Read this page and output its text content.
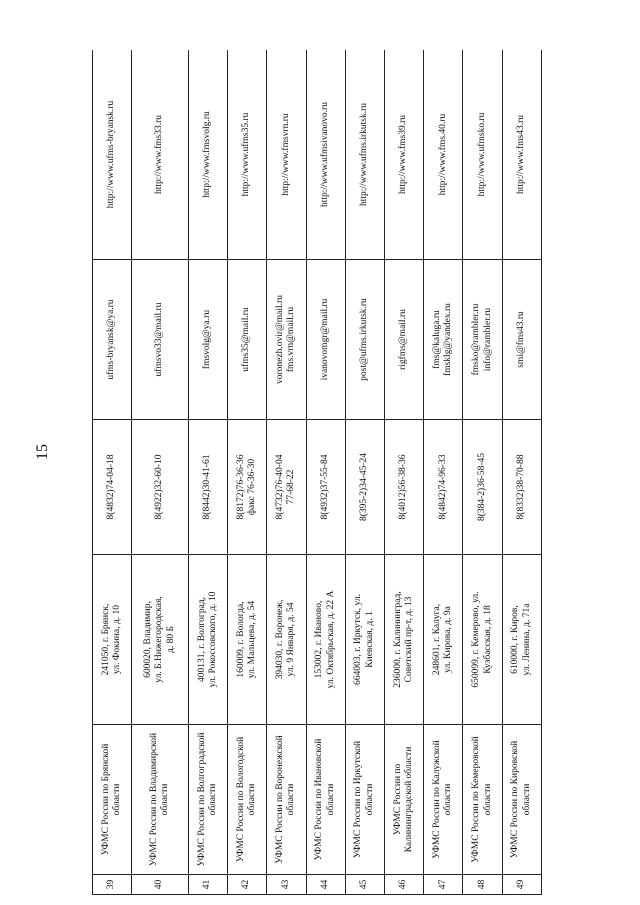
15
39	УФМС России по Брянской области	241050, г. Брянск,
ул. Фокина, д. 10	8(4832)74-04-18	ufms-bryansk@ya.ru	http://www.ufms-bryansk.ru
40	УФМС России по Владимирской области	600020, Владимир,
ул. Б.Нижегородская,
д. 80 Б	8(4922)32-60-10	ufmsvo33@mail.ru	http://www.fms33.ru
41	УФМС России по Волгоградской области	400131, г. Волгоград,
ул. Рокоссовского, д. 10	8(8442)30-41-61	fmsvolg@ya.ru	http://www.fmsvolg.ru
42	УФМС России по Вологодской области	160009, г. Вологда,
ул. Мальцева, д. 54	8(8172)76-36-36
факс 76-36-30	ufms35@mail.ru	http://www.ufms35.ru
43	УФМС России по Воронежской области	394030, г. Воронеж,
ул. 9 Января, д. 54	8(4732)76-40-04
77-68-22	voronezh.ovir@mail.ru
fms.vrn@mail.ru	http://www.fmsvrn.ru
44	УФМС России по Ивановской области	153002, г. Иваново,
ул. Октябрьская, д. 22 А	8(4932)37-55-84	ivanovomgr@mail.ru	http://www.ufmsivanovo.ru
45	УФМС России по Иркутской области	664003, г. Иркутск, ул.
Киевская, д. 1	8(395-2)34-45-24	post@ufms.irkutsk.ru	http://www.ufms.irkutsk.ru
46	УФМС России по Калининградской области	236000, г. Калининград,
Советский пр-т, д. 13	8(4012)56-38-36	rigfms@mail.ru	http://www.fms39.ru
47	УФМС России по Калужской области	248601, г. Калуга,
ул. Кирова, д. 9а	8(4842)74-96-33	fms@kaluga.ru
fmsklg@yandex.ru	http://www.fms.40.ru
48	УФМС России по Кемеровской области	650099, г. Кемерово, ул.
Кузбасская, д. 18	8(384-2)36-58-45	fmsko@rambler.ru
info@rambler.ru	http://www.ufmsko.ru
49	УФМС России по Кировской области	610000, г. Киров,
ул. Ленина, д. 71а	8(8332)38-70-88	smi@fms43.ru	http://www.fms43.ru
